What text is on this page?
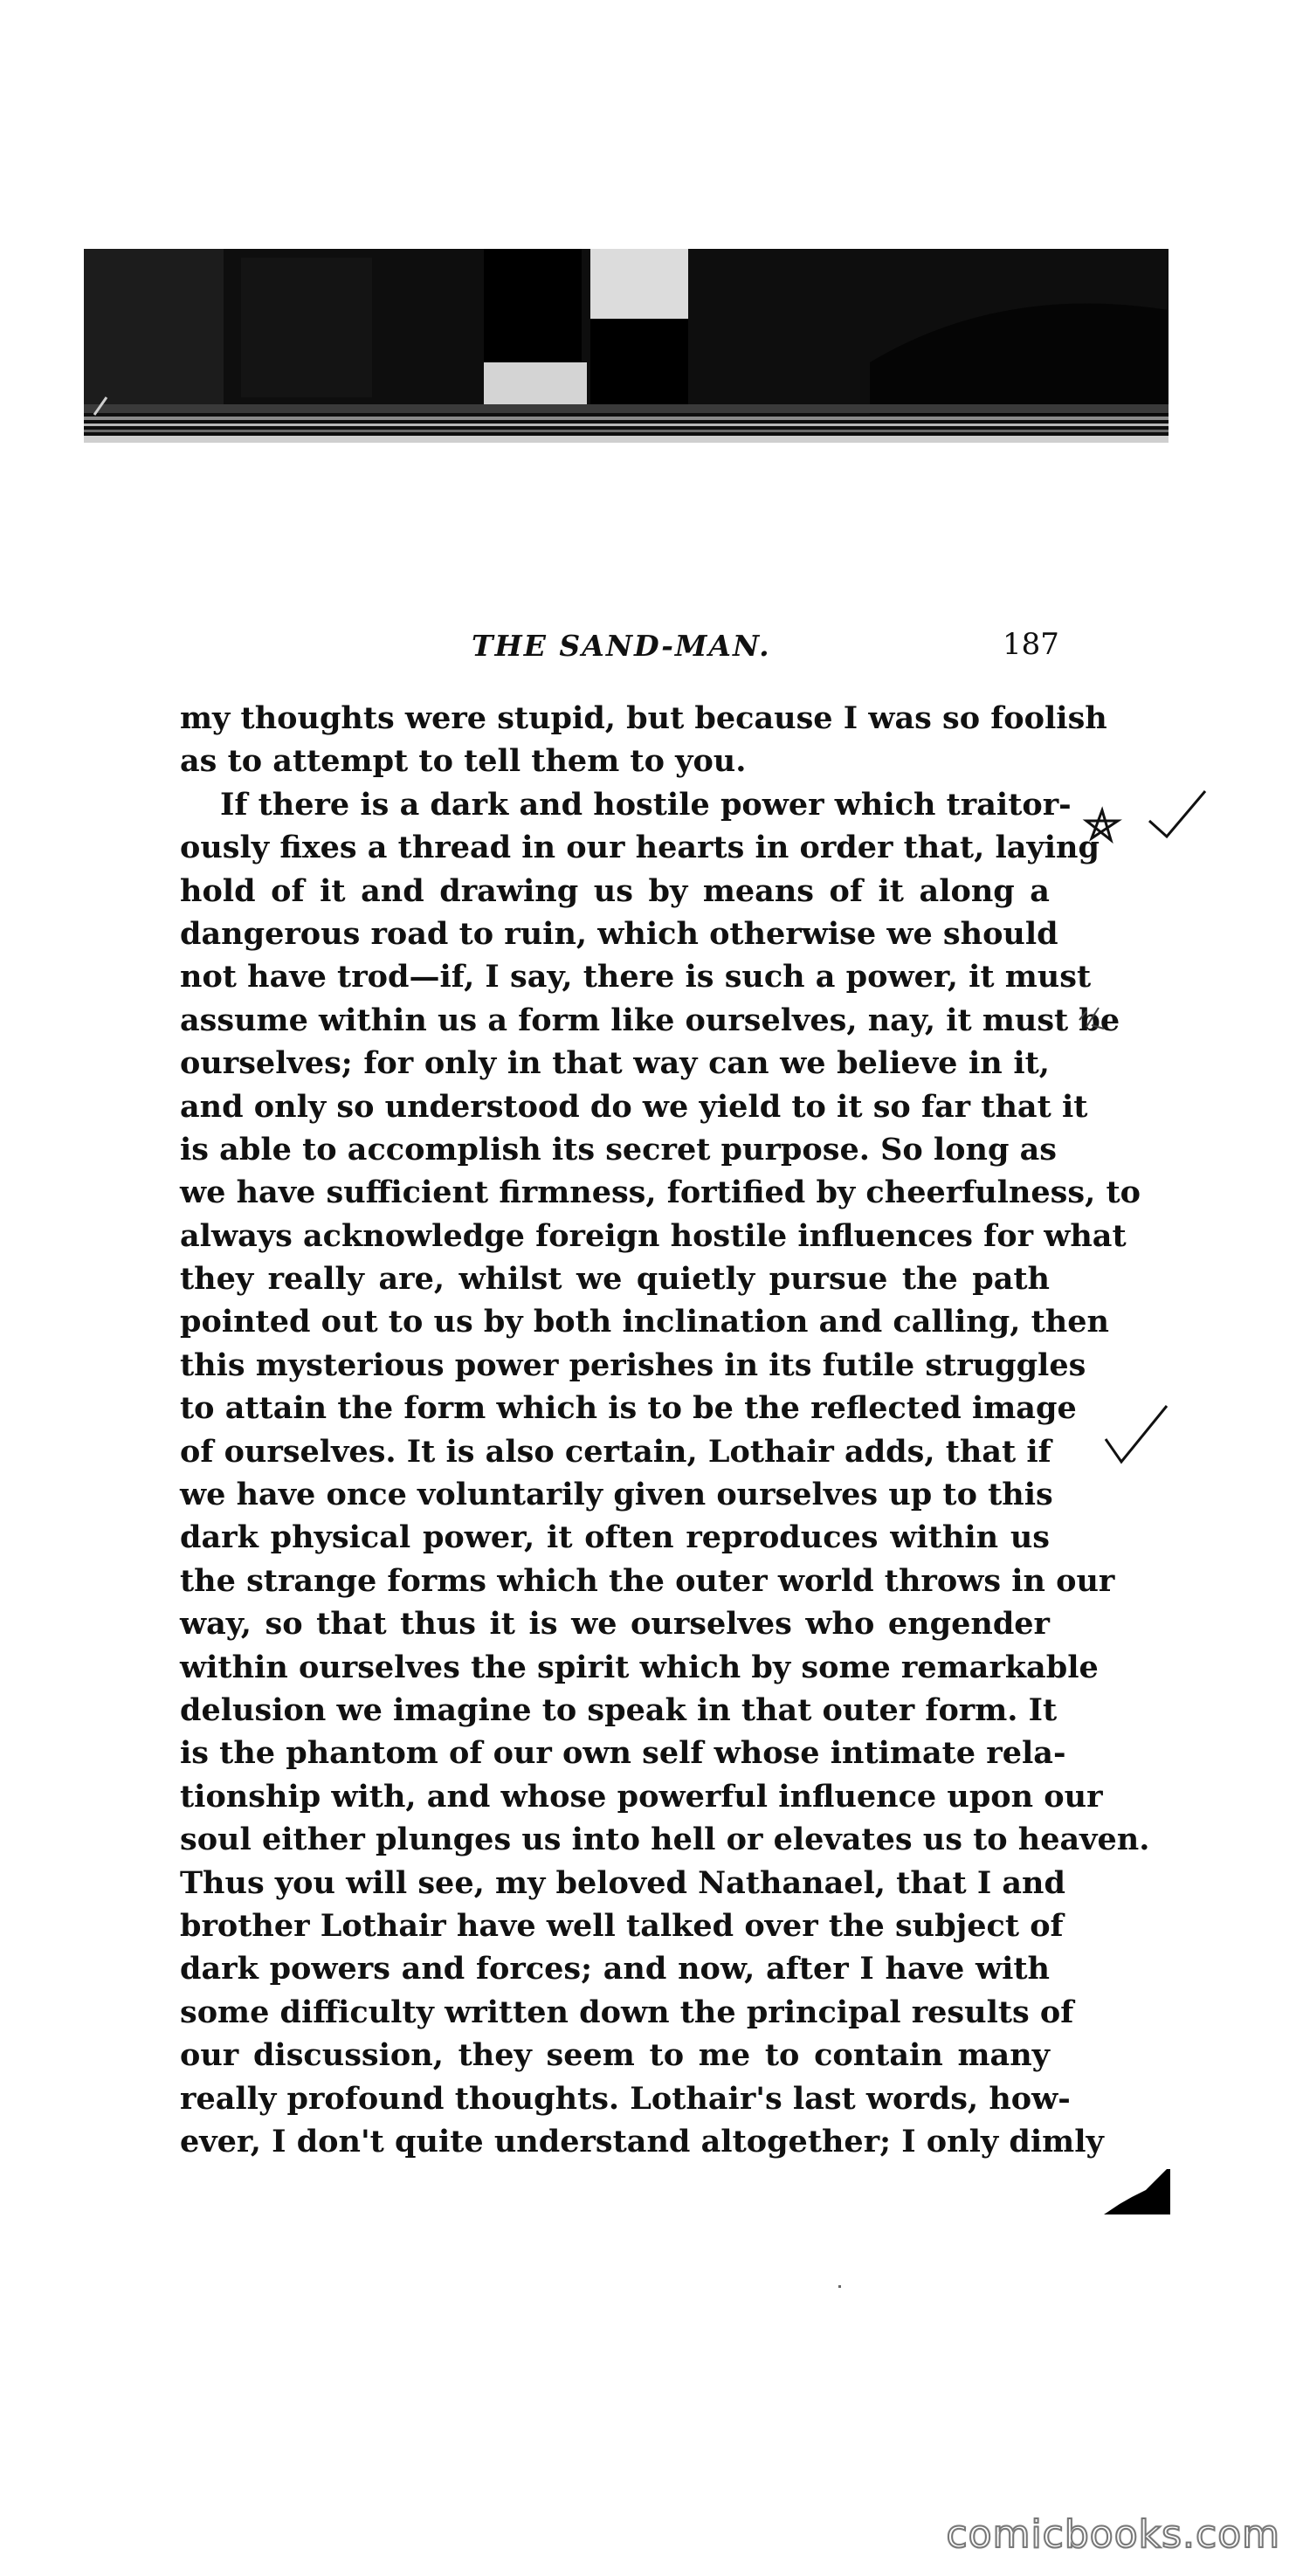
THE SAND-MAN.	187
my thoughts were stupid, but because I was so foolish
as to attempt to tell them to you.
If there is a dark and hostile power which traitor-
ously fixes a thread in our hearts in order that, laying
hold of it and drawing us by means of it along a
dangerous road to ruin, which otherwise we should
not have trod—if, I say, there is such a power, it must
assume within us a form like ourselves, nay, it must be
ourselves; for only in that way can we believe in it,
and only so understood do we yield to it so far that it
is able to accomplish its secret purpose. So long as
we have sufficient firmness, fortified by cheerfulness, to
always acknowledge foreign hostile influences for what
they really are, whilst we quietly pursue the path
pointed out to us by both inclination and calling, then
this mysterious power perishes in its futile struggles
to attain the form which is to be the reflected image
of ourselves. It is also certain, Lothair adds, that if
we have once voluntarily given ourselves up to this
dark physical power, it often reproduces within us
the strange forms which the outer world throws in our
way, so that thus it is we ourselves who engender
within ourselves the spirit which by some remarkable
delusion we imagine to speak in that outer form. It
is the phantom of our own self whose intimate rela-
tionship with, and whose powerful influence upon our
soul either plunges us into hell or elevates us to heaven.
Thus you will see, my beloved Nathanael, that I and
brother Lothair have well talked over the subject of
dark powers and forces; and now, after I have with
some difficulty written down the principal results of
our discussion, they seem to me to contain many
really profound thoughts. Lothair's last words, how-
ever, I don't quite understand altogether; I only dimly
comicbooks.com
